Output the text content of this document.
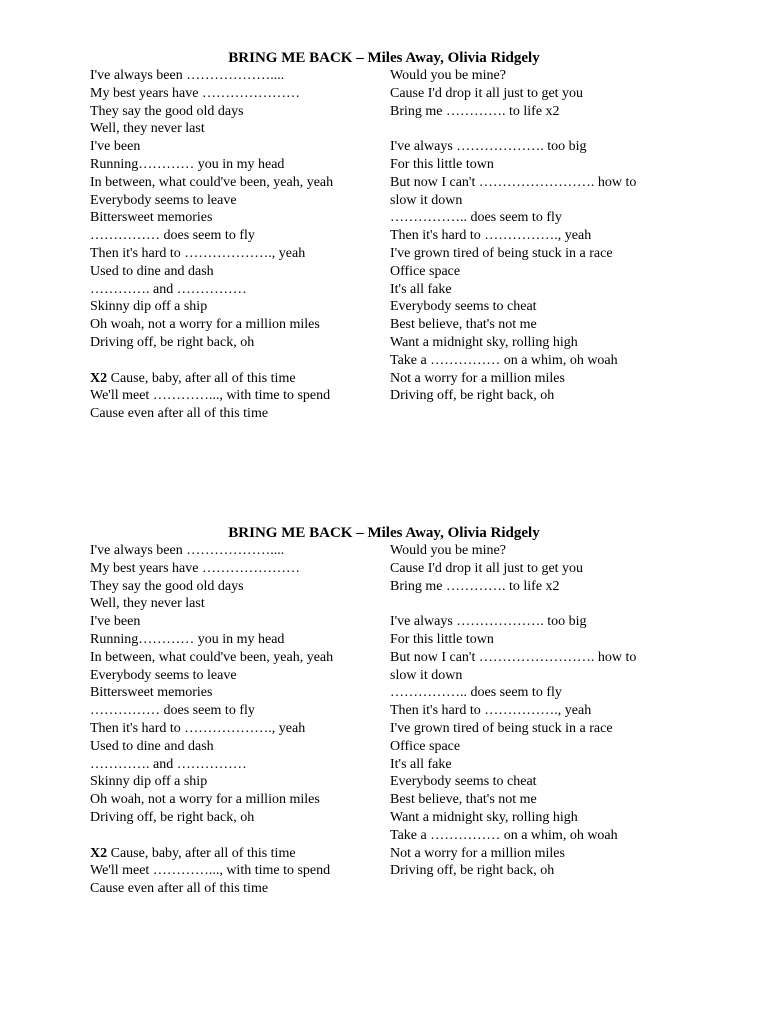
BRING ME BACK – Miles Away, Olivia Ridgely
I've always been ………………....
My best years have …………………
They say the good old days
Well, they never last
I've been
Running………… you in my head
In between, what could've been, yeah, yeah
Everybody seems to leave
Bittersweet memories
…………… does seem to fly
Then it's hard to ………………., yeah
Used to dine and dash
…………. and ……………
Skinny dip off a ship
Oh woah, not a worry for a million miles
Driving off, be right back, oh
X2 Cause, baby, after all of this time
We'll meet …………..., with time to spend
Cause even after all of this time
Would you be mine?
Cause I'd drop it all just to get you
Bring me …………. to life x2
I've always ………………. too big
For this little town
But now I can't ……………………. how to
slow it down
…………….. does seem to fly
Then it's hard to ……………., yeah
I've grown tired of being stuck in a race
Office space
It's all fake
Everybody seems to cheat
Best believe, that's not me
Want a midnight sky, rolling high
Take a …………… on a whim, oh woah
Not a worry for a million miles
Driving off, be right back, oh
BRING ME BACK – Miles Away, Olivia Ridgely
I've always been ………………....
My best years have …………………
They say the good old days
Well, they never last
I've been
Running………… you in my head
In between, what could've been, yeah, yeah
Everybody seems to leave
Bittersweet memories
…………… does seem to fly
Then it's hard to ………………., yeah
Used to dine and dash
…………. and ……………
Skinny dip off a ship
Oh woah, not a worry for a million miles
Driving off, be right back, oh
X2 Cause, baby, after all of this time
We'll meet …………..., with time to spend
Cause even after all of this time
Would you be mine?
Cause I'd drop it all just to get you
Bring me …………. to life x2
I've always ………………. too big
For this little town
But now I can't ……………………. how to
slow it down
…………….. does seem to fly
Then it's hard to ……………., yeah
I've grown tired of being stuck in a race
Office space
It's all fake
Everybody seems to cheat
Best believe, that's not me
Want a midnight sky, rolling high
Take a …………… on a whim, oh woah
Not a worry for a million miles
Driving off, be right back, oh
